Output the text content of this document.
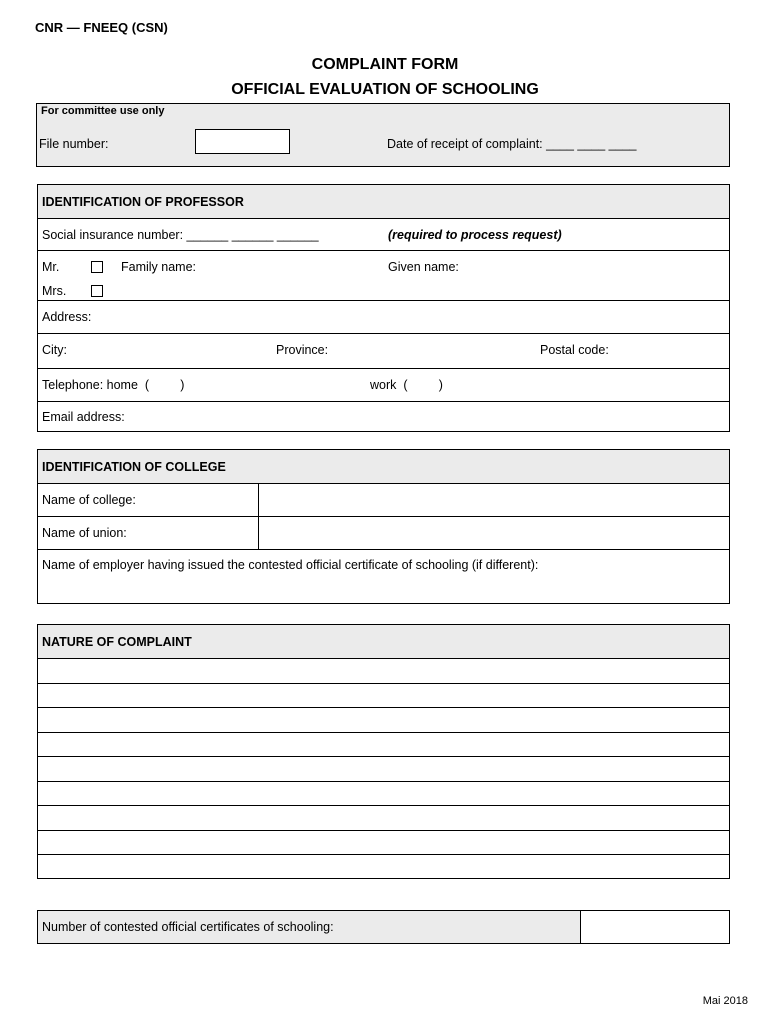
CNR — FNEEQ (CSN)
COMPLAINT FORM
OFFICIAL EVALUATION OF SCHOOLING
For committee use only
File number:	Date of receipt of complaint: ____ ____ ____
IDENTIFICATION OF PROFESSOR
Social insurance number: ______ ______ ______	(required to process request)
Mr.	Family name:	Given name:
Mrs.
Address:
City:	Province:	Postal code:
Telephone: home  (         )	work  (         )
Email address:
IDENTIFICATION OF COLLEGE
Name of college:
Name of union:
Name of employer having issued the contested official certificate of schooling (if different):
NATURE OF COMPLAINT
Number of contested official certificates of schooling:
Mai 2018
